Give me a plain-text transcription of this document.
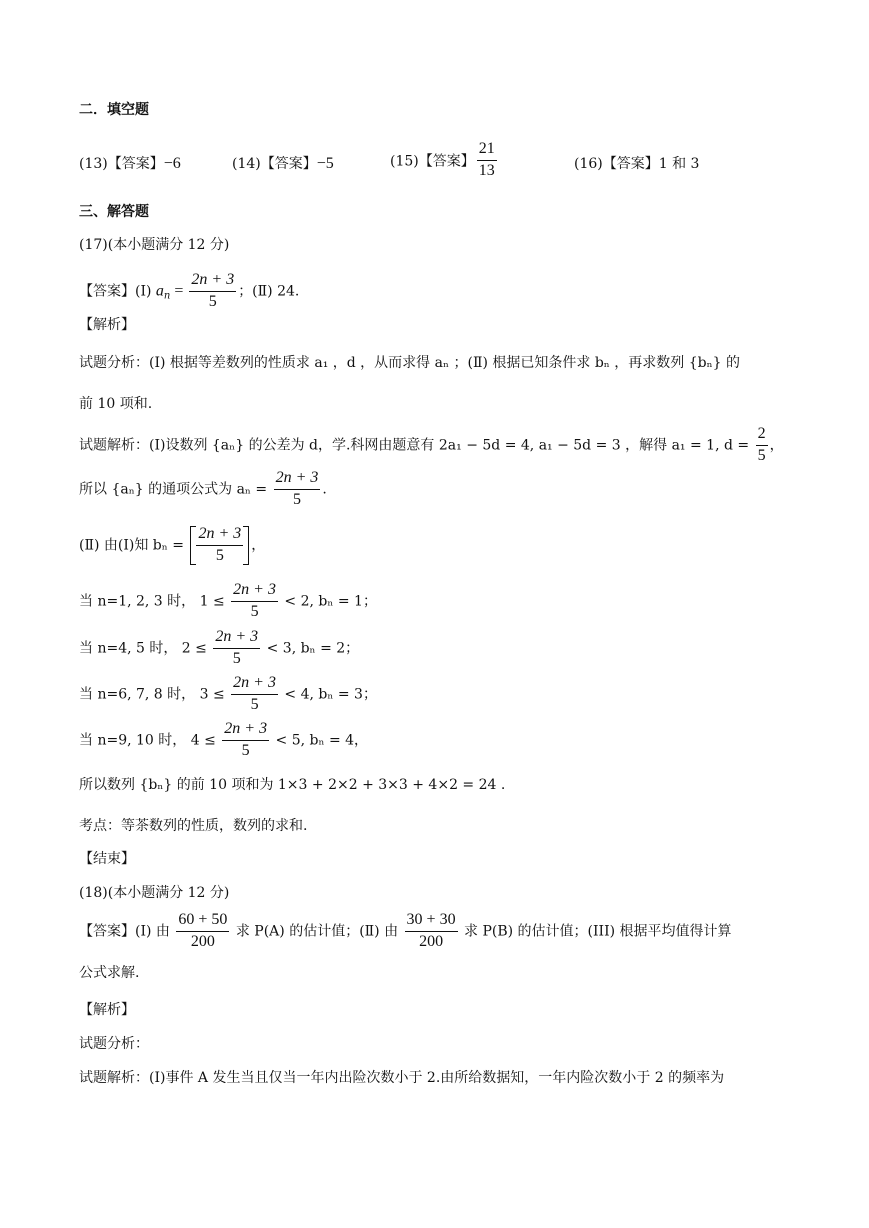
二．填空题
(13)【答案】−6	(14)【答案】−5	(15)【答案】 $\frac{21}{13}$	(16)【答案】1 和 3
三、解答题
(17)(本小题满分 12 分)
【答案】(Ⅰ) $a_n = \frac{2n + 3}{5}$ ；(Ⅱ) 24.
【解析】
试题分析：(Ⅰ) 根据等差数列的性质求 a₁ ，d ，从而求得 aₙ ；(Ⅱ) 根据已知条件求 bₙ ，再求数列 {bₙ} 的
前 10 项和.
试题解析：(Ⅰ)设数列 {aₙ} 的公差为 d，学.科网由题意有 2a₁ − 5d = 4, a₁ − 5d = 3 ，解得 a₁ = 1, $d = \frac{2}{5}$ ，
所以 {aₙ} 的通项公式为 $a_n = \frac{2n + 3}{5}$ .
(Ⅱ) 由(Ⅰ)知 $b_n = \frac{2n + 3}{5}$ ，
当 n=1, 2, 3 时， $1 \le \frac{2n + 3}{5} < 2$, bₙ = 1；
当 n=4, 5 时， $2 \le \frac{2n + 3}{5} < 3$, bₙ = 2；
当 n=6, 7, 8 时， $3 \le \frac{2n + 3}{5} < 4$, bₙ = 3；
当 n=9, 10 时， $4 \le \frac{2n + 3}{5} < 5$, bₙ = 4，
所以数列 {bₙ} 的前 10 项和为 1×3 + 2×2 + 3×3 + 4×2 = 24 .
考点：等茶数列的性质，数列的求和.
【结束】
(18)(本小题满分 12 分)
【答案】(Ⅰ) 由 $\frac{60 + 50}{200}$ 求 P(A) 的估计值；(Ⅱ) 由 $\frac{30 + 30}{200}$ 求 P(B) 的估计值；(III) 根据平均值得计算
公式求解.
【解析】
试题分析：
试题解析：(Ⅰ)事件 A 发生当且仅当一年内出险次数小于 2.由所给数据知，一年内险次数小于 2 的频率为
